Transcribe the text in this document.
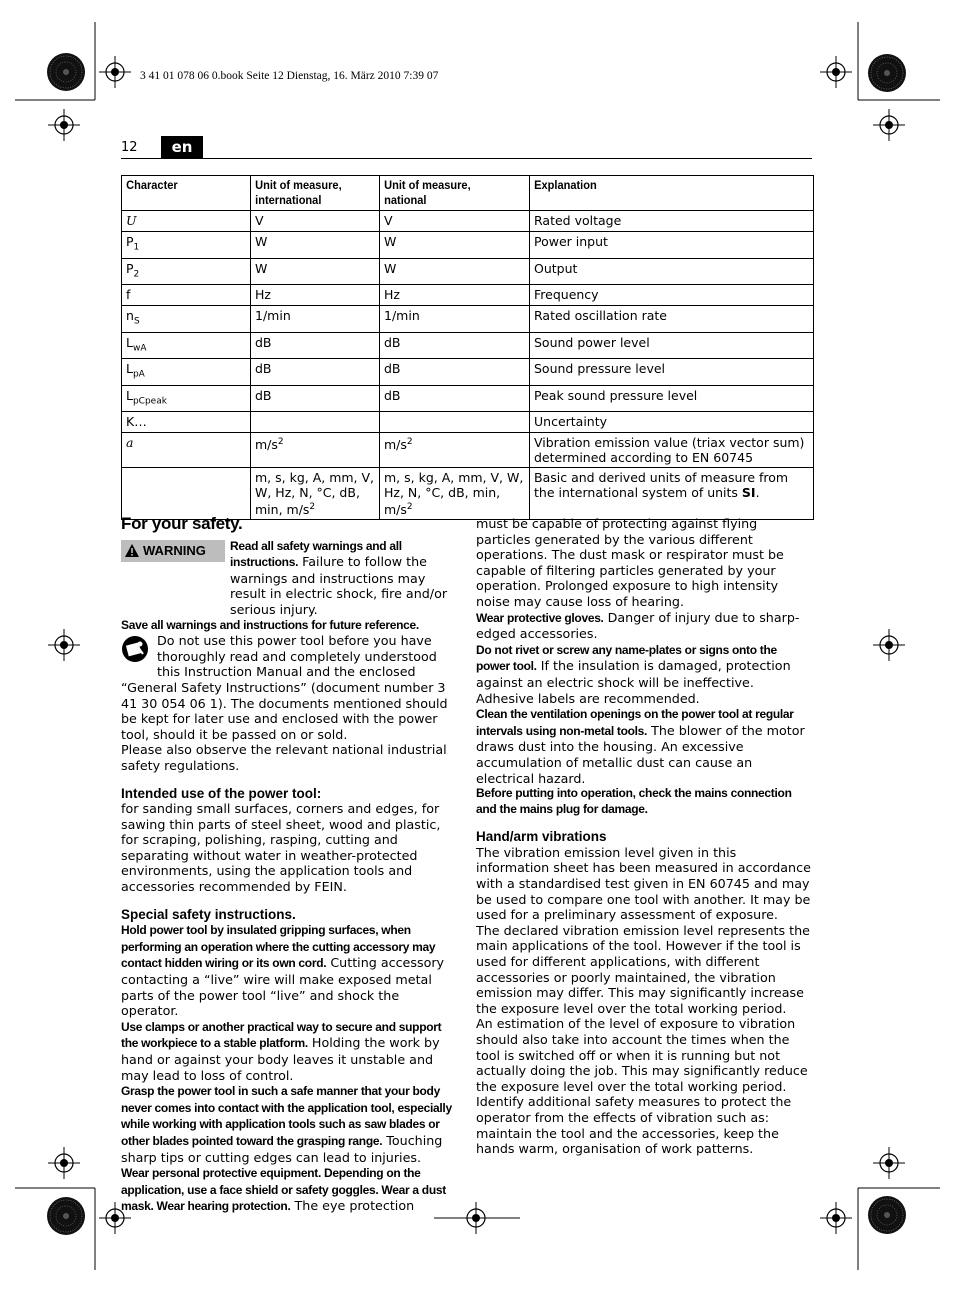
3 41 01 078 06 0.book Seite 12 Dienstag, 16. März 2010 7:39 07
12	en
Character	Unit of measure, international	Unit of measure, national	Explanation
U	V	V	Rated voltage
$P_1$	W	W	Power input
$P_2$	W	W	Output
f	Hz	Hz	Frequency
$n_S$	1/min	1/min	Rated oscillation rate
$L_{wA}$	dB	dB	Sound power level
$L_{pA}$	dB	dB	Sound pressure level
$L_{pCpeak}$	dB	dB	Peak sound pressure level
K…			Uncertainty
a	$m/s^2$	$m/s^2$	Vibration emission value (triax vector sum) determined according to EN 60745
	m, s, kg, A, mm, V, W, Hz, N, °C, dB, min, $m/s^2$	m, s, kg, A, mm, V, W, Hz, N, °C, dB, min, $m/s^2$	Basic and derived units of measure from the international system of units SI.
For your safety.
WARNING Read all safety warnings and all instructions. Failure to follow the warnings and instructions may result in electric shock, fire and/or serious injury.

Save all warnings and instructions for future reference.

Do not use this power tool before you have thoroughly read and completely understood this Instruction Manual and the enclosed “General Safety Instructions” (document number 3 41 30 054 06 1). The documents mentioned should be kept for later use and enclosed with the power tool, should it be passed on or sold.

Please also observe the relevant national industrial safety regulations.

Intended use of the power tool:

for sanding small surfaces, corners and edges, for sawing thin parts of steel sheet, wood and plastic, for scraping, polishing, rasping, cutting and separating without water in weather-protected environments, using the application tools and accessories recommended by FEIN.

Special safety instructions.

Hold power tool by insulated gripping surfaces, when performing an operation where the cutting accessory may contact hidden wiring or its own cord. Cutting accessory contacting a “live” wire will make exposed metal parts of the power tool “live” and shock the operator.

Use clamps or another practical way to secure and support the workpiece to a stable platform. Holding the work by hand or against your body leaves it unstable and may lead to loss of control.

Grasp the power tool in such a safe manner that your body never comes into contact with the application tool, especially while working with application tools such as saw blades or other blades pointed toward the grasping range. Touching sharp tips or cutting edges can lead to injuries.

Wear personal protective equipment. Depending on the application, use a face shield or safety goggles. Wear a dust mask. Wear hearing protection. The eye protection

must be capable of protecting against flying particles generated by the various different operations. The dust mask or respirator must be capable of filtering particles generated by your operation. Prolonged exposure to high intensity noise may cause loss of hearing.

Wear protective gloves. Danger of injury due to sharp-edged accessories.

Do not rivet or screw any name-plates or signs onto the power tool. If the insulation is damaged, protection against an electric shock will be ineffective. Adhesive labels are recommended.

Clean the ventilation openings on the power tool at regular intervals using non-metal tools. The blower of the motor draws dust into the housing. An excessive accumulation of metallic dust can cause an electrical hazard.

Before putting into operation, check the mains connection and the mains plug for damage.

Hand/arm vibrations

The vibration emission level given in this information sheet has been measured in accordance with a standardised test given in EN 60745 and may be used to compare one tool with another. It may be used for a preliminary assessment of exposure.

The declared vibration emission level represents the main applications of the tool. However if the tool is used for different applications, with different accessories or poorly maintained, the vibration emission may differ. This may significantly increase the exposure level over the total working period.

An estimation of the level of exposure to vibration should also take into account the times when the tool is switched off or when it is running but not actually doing the job. This may significantly reduce the exposure level over the total working period.

Identify additional safety measures to protect the operator from the effects of vibration such as: maintain the tool and the accessories, keep the hands warm, organisation of work patterns.
